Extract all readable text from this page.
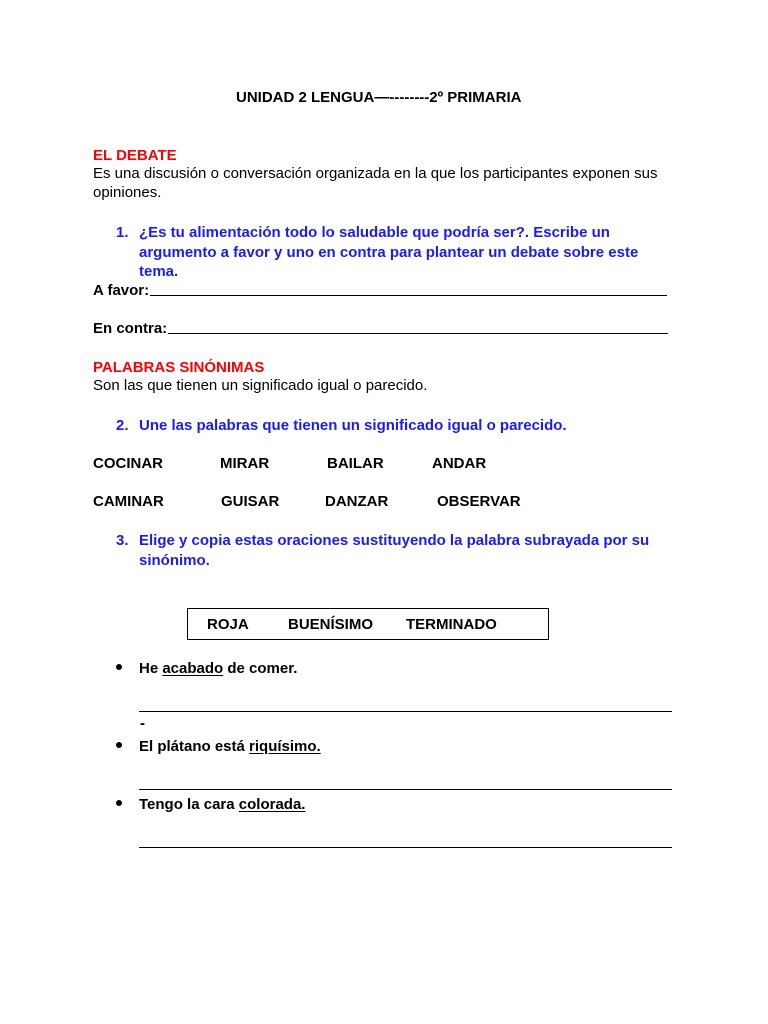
UNIDAD 2 LENGUA—--------2º PRIMARIA
EL DEBATE
Es una discusión o conversación organizada en la que los participantes exponen sus opiniones.
1. ¿Es tu alimentación todo lo saludable que podría ser?. Escribe un argumento a favor y uno en contra para plantear un debate sobre este tema.
A favor:
En contra:
PALABRAS SINÓNIMAS
Son las que tienen un significado igual o parecido.
2. Une las palabras que tienen un significado igual o parecido.
COCINAR	MIRAR	BAILAR	ANDAR
CAMINAR	GUISAR	DANZAR	OBSERVAR
3. Elige y copia estas oraciones sustituyendo la palabra subrayada por su sinónimo.
ROJA	BUENÍSIMO TERMINADO
He acabado de comer.
-
El plátano está riquísimo.
Tengo la cara colorada.
